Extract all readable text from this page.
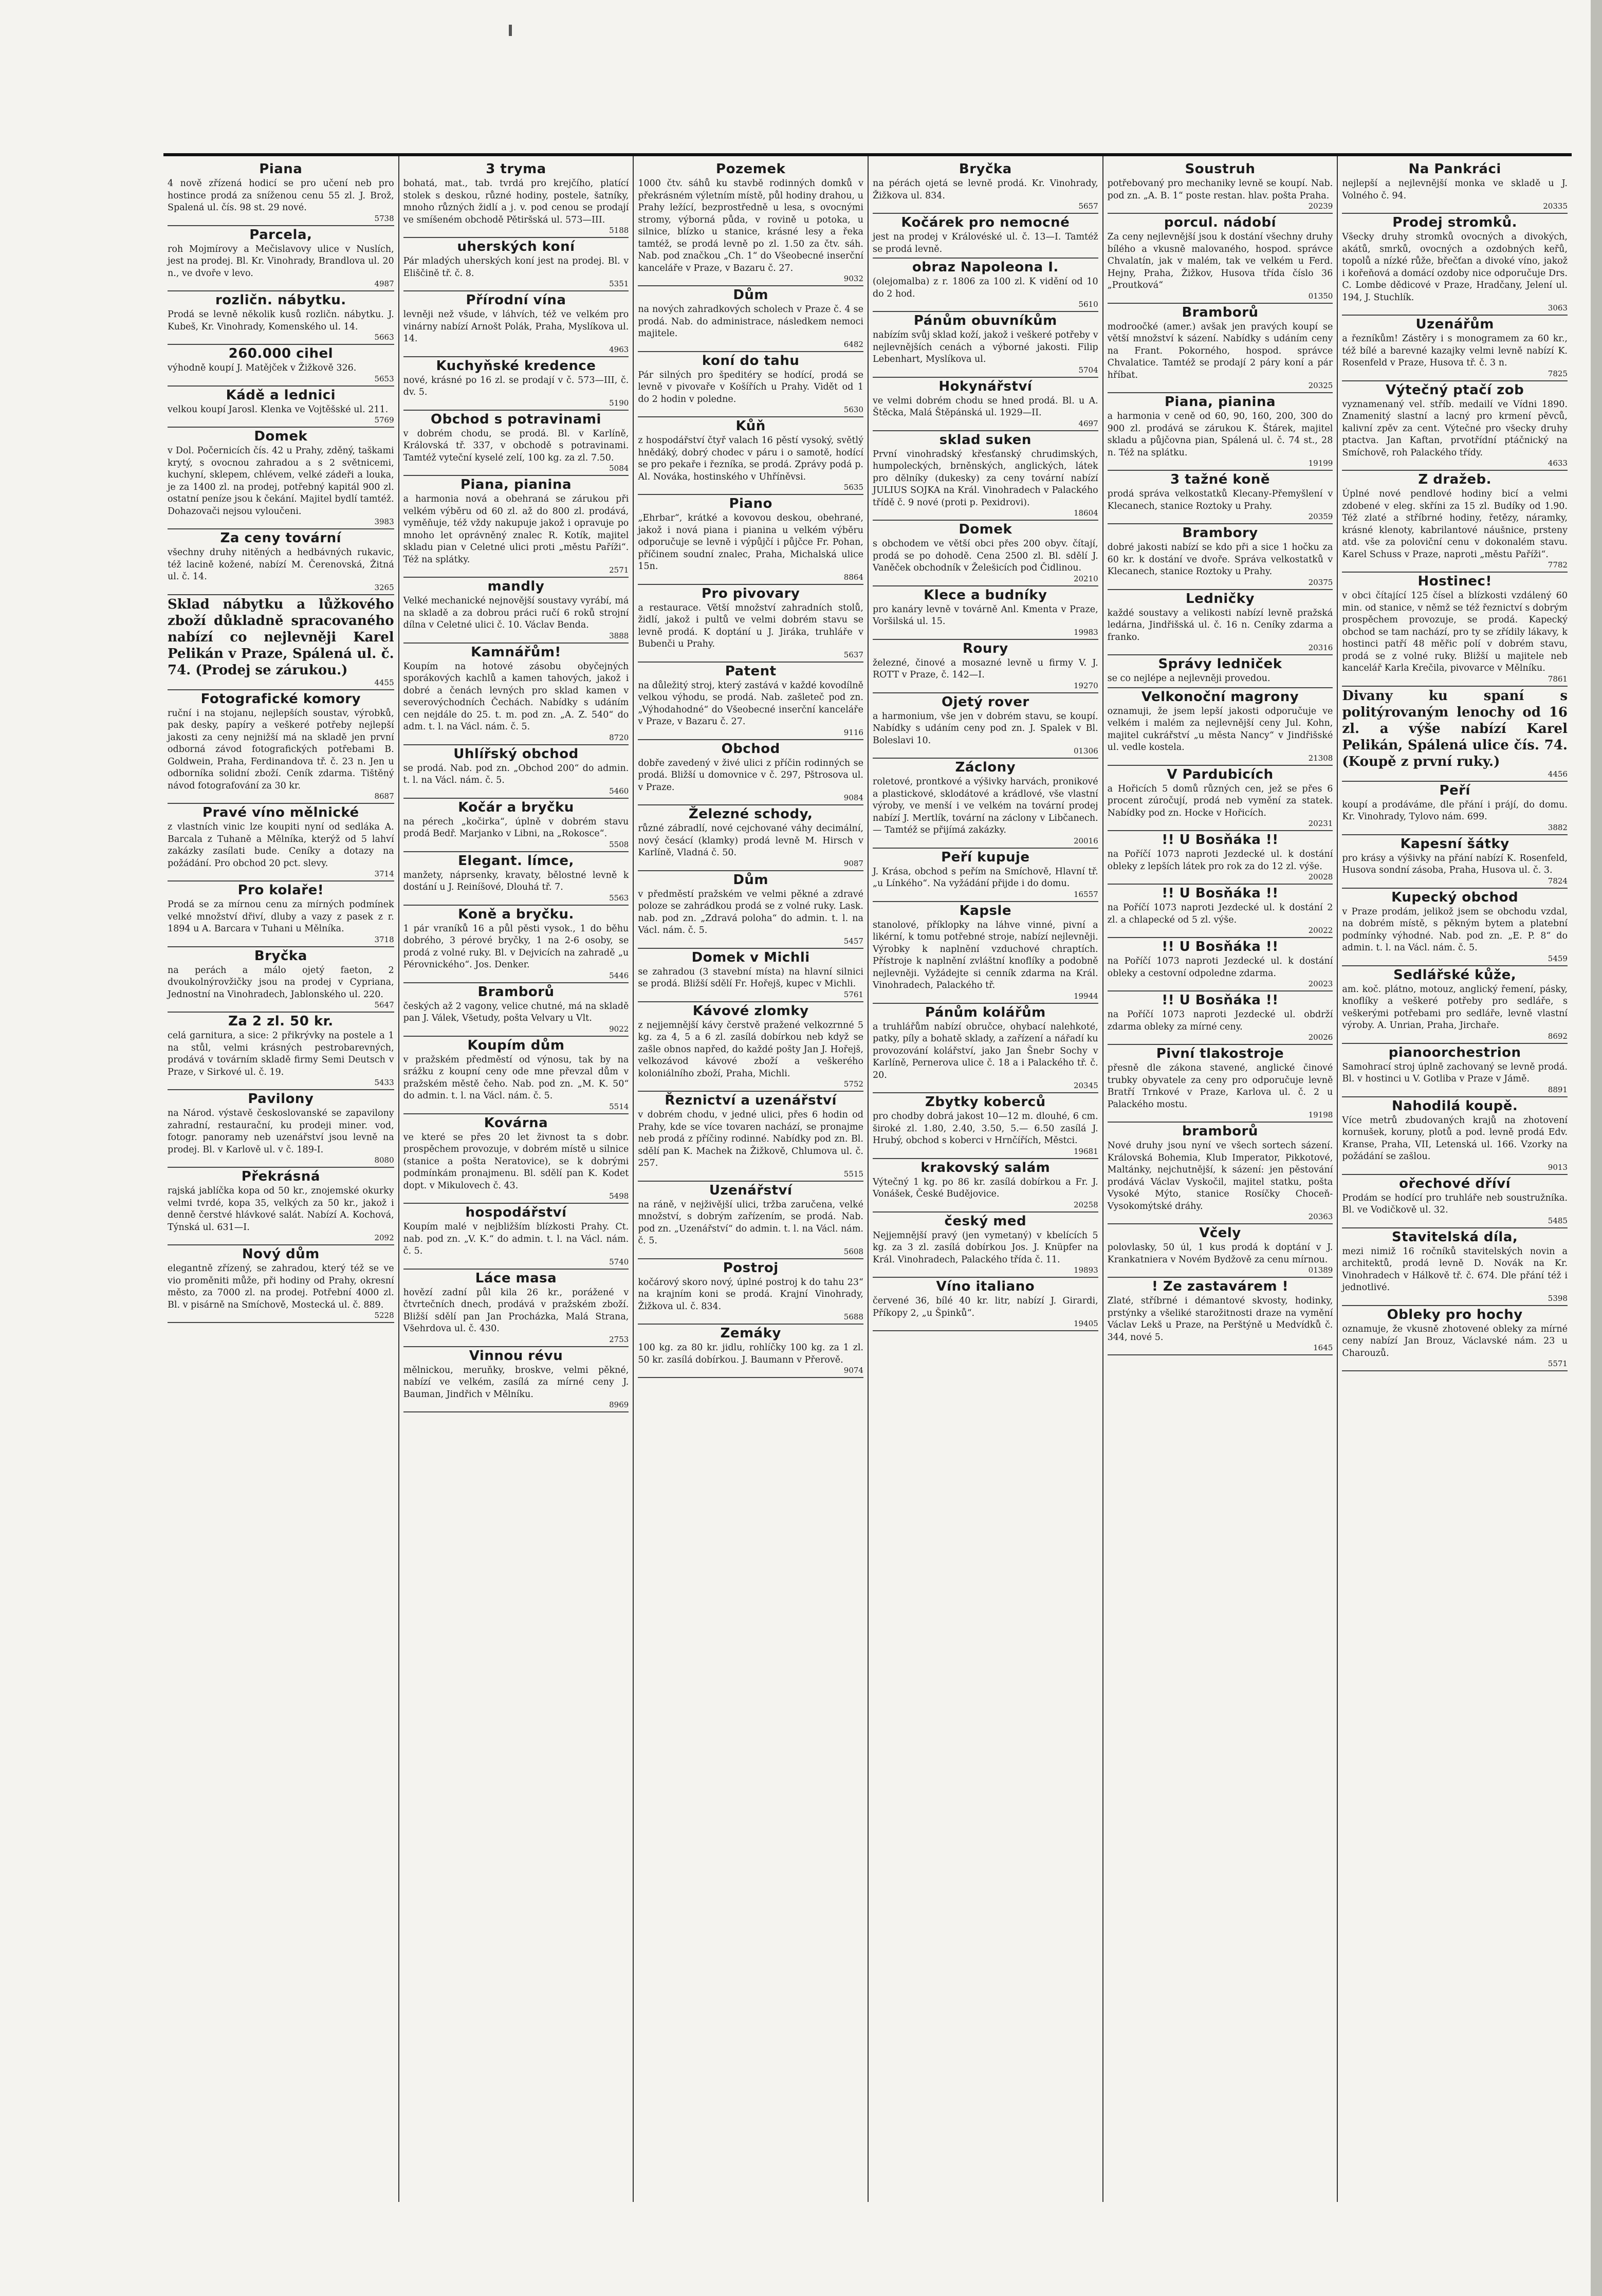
Piana

4 nově zřízená hodicí se pro učení neb pro hostince prodá za sníženou cenu 55 zl. J. Brož, Spalená ul. čís. 98 st. 29 nové.

5738
Parcela,

roh Mojmírovy a Mečislavovy ulice v Nuslích, jest na prodej. Bl. Kr. Vinohrady, Brandlova ul. 20 n., ve dvoře v levo.

4987
rozličn. nábytku.

Prodá se levně několik kusů rozličn. nábytku. J. Kubeš, Kr. Vinohrady, Komenského ul. 14.

5663
260.000 cihel

výhodně koupí J. Matějček v Žižkově 326.

5653
Kádě a lednici

velkou koupí Jarosl. Klenka ve Vojtěšské ul. 211.

5769
Domek

v Dol. Počernicích čís. 42 u Prahy, zděný, taškami krytý, s ovocnou zahradou a s 2 světnicemi, kuchyní, sklepem, chlévem, velké zádeři a louka, je za 1400 zl. na prodej, potřebný kapitál 900 zl. ostatní peníze jsou k čekání. Majitel bydlí tamtéž. Dohazovači nejsou vyloučeni.

3983
Za ceny tovární

všechny druhy nitěných a hedbávných rukavic, též lacině kožené, nabízí M. Čerenovská, Žitná ul. č. 14.

3265

Sklad nábytku a lůžkového zboží důkladně spracovaného nabízí co nejlevněji Karel Pelikán v Praze, Spálená ul. č. 74. (Prodej se zárukou.)

4455
Fotografické komory

ruční i na stojanu, nejlepších soustav, výrobků, pak desky, papíry a veškeré potřeby nejlepší jakosti za ceny nejnižší má na skladě jen první odborná závod fotografických potřebami B. Goldwein, Praha, Ferdinandova tř. č. 23 n. Jen u odborníka solidní zboží. Ceník zdarma. Tištěný návod fotografování za 30 kr.

8687
Pravé víno mělnické

z vlastních vinic lze koupiti nyní od sedláka A. Barcala z Tuhaně a Mělníka, kterýž od 5 lahví zakázky zasílati bude. Ceníky a dotazy na požádání. Pro obchod 20 pct. slevy.

3714
Pro kolaře!

Prodá se za mírnou cenu za mírných podmínek velké množství dřiví, dluby a vazy z pasek z r. 1894 u A. Barcara v Tuhani u Mělníka.

3718
Bryčka

na perách a málo ojetý faeton, 2 dvoukolnýrovžičky jsou na prodej v Cypriana, Jednostní na Vinohradech, Jablonského ul. 220.

5647
Za 2 zl. 50 kr.

celá garnitura, a sice: 2 přikrývky na postele a 1 na stůl, velmi krásných pestrobarevných, prodává v továrním skladě firmy Semi Deutsch v Praze, v Sirkové ul. č. 19.

5433
Pavilony

na Národ. výstavě českoslovanské se zapavilony zahradní, restaurační, ku prodeji miner. vod, fotogr. panoramy neb uzenářství jsou levně na prodej. Bl. v Karlově ul. v č. 189-I.

8080
Překrásná

rajská jablíčka kopa od 50 kr., znojemské okurky velmi tvrdé, kopa 35, velkých za 50 kr., jakož i denně čerstvé hlávkové salát. Nabízí A. Kochová, Týnská ul. 631—I.

2092
Nový dům

elegantně zřízený, se zahradou, který též se ve vio proměniti může, při hodiny od Prahy, okresní město, za 7000 zl. na prodej. Potřební 4000 zl. Bl. v pisárně na Smíchově, Mostecká ul. č. 889.

5228
3 tryma

bohatá, mat., tab. tvrdá pro krejčího, platící stolek s deskou, různé hodiny, postele, šatníky, mnoho různých židlí a j. v. pod cenou se prodají ve smíšeném obchodě Pětiršská ul. 573—III.

5188
uherských koní

Pár mladých uherských koní jest na prodej. Bl. v Eliščině tř. č. 8.

5351
Přírodní vína

levněji než všude, v láhvích, též ve velkém pro vinárny nabízí Arnošt Polák, Praha, Myslíkova ul. 14.

4963
Kuchyňské kredence

nové, krásné po 16 zl. se prodají v č. 573—III, č. dv. 5.

5190
Obchod s potravinami

v dobrém chodu, se prodá. Bl. v Karlíně, Královská tř. 337, v obchodě s potravinami. Tamtéž vyteční kyselé zelí, 100 kg. za zl. 7.50.

5084
Piana, pianina

a harmonia nová a obehraná se zárukou při velkém výběru od 60 zl. až do 800 zl. prodává, vyměňuje, též vždy nakupuje jakož i opravuje po mnoho let oprávněný znalec R. Kotík, majitel skladu pian v Celetné ulici proti „městu Paříži“. Též na splátky.

2571
mandly

Velké mechanické nejnovější soustavy vyrábí, má na skladě a za dobrou práci ručí 6 roků strojní dílna v Celetné ulici č. 10. Václav Benda.

3888
Kamnářům!

Koupím na hotové zásobu obyčejných sporákových kachlů a kamen tahových, jakož i dobré a čenách levných pro sklad kamen v severovýchodních Čechách. Nabídky s udáním cen nejdále do 25. t. m. pod zn. „A. Z. 540“ do adm. t. l. na Václ. nám. č. 5.

8720
Uhlířský obchod

se prodá. Nab. pod zn. „Obchod 200“ do admin. t. l. na Václ. nám. č. 5.

5460
Kočár a bryčku

na pérech „kočirka“, úplně v dobrém stavu prodá Bedř. Marjanko v Libni, na „Rokosce“.

5508
Elegant. límce,

manžety, náprsenky, kravaty, bělostné levně k dostání u J. Reiníšové, Dlouhá tř. 7.

5563
Koně a bryčku.

1 pár vraníků 16 a půl pěsti vysok., 1 do běhu dobrého, 3 pérové bryčky, 1 na 2-6 osoby, se prodá z volné ruky. Bl. v Dejvicích na zahradě „u Pérovnického“. Jos. Denker.

5446
Bramborů

českých až 2 vagony, velice chutné, má na skladě pan J. Válek, Všetudy, pošta Velvary u Vlt.

9022
Koupím dům

v pražském předměstí od výnosu, tak by na srážku z koupní ceny ode mne převzal dům v pražském městě čeho. Nab. pod zn. „M. K. 50“ do admin. t. l. na Václ. nám. č. 5.

5514
Kovárna

ve které se přes 20 let živnost ta s dobr. prospěchem provozuje, v dobrém místě u silnice (stanice a pošta Neratovice), se k dobrými podmínkám pronajmenu. Bl. sdělí pan K. Kodet dopt. v Mikulovech č. 43.

5498
hospodářství

Koupím malé v nejbližším blízkosti Prahy. Ct. nab. pod zn. „V. K.“ do admin. t. l. na Václ. nám. č. 5.

5740
Láce masa

hovězí zadní půl kila 26 kr., porážené v čtvrtečních dnech, prodává v pražském zboží. Bližší sdělí pan Jan Procházka, Malá Strana, Všehrdova ul. č. 430.

2753
Vinnou révu

mělnickou, meruňky, broskve, velmi pěkné, nabízí ve velkém, zasílá za mírné ceny J. Bauman, Jindřich v Mělníku.

8969
Pozemek

1000 čtv. sáhů ku stavbě rodinných domků v překrásném výletním místě, půl hodiny drahou, u Prahy ležící, bezprostředně u lesa, s ovocnými stromy, výborná půda, v rovině u potoka, u silnice, blízko u stanice, krásné lesy a řeka tamtéž, se prodá levně po zl. 1.50 za čtv. sáh. Nab. pod značkou „Ch. 1“ do Všeobecné inserční kanceláře v Praze, v Bazaru č. 27.

9032
Dům

na nových zahradkových scholech v Praze č. 4 se prodá. Nab. do administrace, následkem nemoci majitele.

6482
koní do tahu

Pár silných pro špeditéry se hodící, prodá se levně v pivovaře v Košířích u Prahy. Vidět od 1 do 2 hodin v poledne.

5630
Kůň

z hospodářství čtyř valach 16 pěstí vysoký, světlý hnědáký, dobrý chodec v páru i o samotě, hodící se pro pekaře i řezníka, se prodá. Zprávy podá p. Al. Nováka, hostinského v Uhříněvsi.

5635
Piano

„Ehrbar“, krátké a kovovou deskou, obehrané, jakož i nová piana i pianina u velkém výběru odporučuje se levně i výpůjčí i půjčce Fr. Pohan, příčinem soudní znalec, Praha, Michalská ulice 15n.

8864
Pro pivovary

a restaurace. Větší množství zahradních stolů, židlí, jakož i pultů ve velmi dobrém stavu se levně prodá. K doptání u J. Jiráka, truhláře v Bubenči u Prahy.

5637
Patent

na důležitý stroj, který zastává v každé kovodílně velkou výhodu, se prodá. Nab. zašleteč pod zn. „Výhodahodné“ do Všeobecné inserční kanceláře v Praze, v Bazaru č. 27.

9116
Obchod

dobře zavedený v živé ulici z příčin rodinných se prodá. Bližší u domovnice v č. 297, Pštrosova ul. v Praze.

9084
Železné schody,

různé zábradlí, nové cejchované váhy decimální, nový česácí (klamky) prodá levně M. Hirsch v Karlíně, Vladná č. 50.

9087
Dům

v předměstí pražském ve velmi pěkné a zdravé poloze se zahrádkou prodá se z volné ruky. Lask. nab. pod zn. „Zdravá poloha“ do admin. t. l. na Václ. nám. č. 5.

5457
Domek v Michli

se zahradou (3 stavební místa) na hlavní silnici se prodá. Bližší sdělí Fr. Hořejš, kupec v Michli.

5761
Kávové zlomky

z nejjemnější kávy čerstvě pražené velkozrnné 5 kg. za 4, 5 a 6 zl. zasílá dobírkou neb když se zašle obnos napřed, do každé pošty Jan J. Hořejš, velkozávod kávové zboží a veškerého koloniálního zboží, Praha, Michli.

5752
Řeznictví a uzenářství

v dobrém chodu, v jedné ulici, přes 6 hodin od Prahy, kde se více tovaren nachází, se pronajme neb prodá z příčiny rodinné. Nabídky pod zn. Bl. sdělí pan K. Machek na Žižkově, Chlumova ul. č. 257.

5515
Uzenářství

na ráně, v nejživější ulici, tržba zaručena, velké množství, s dobrým zařízením, se prodá. Nab. pod zn. „Uzenářství“ do admin. t. l. na Václ. nám. č. 5.

5608
Postroj

kočárový skoro nový, úplné postroj k do tahu 23“ na krajním koni se prodá. Krajní Vinohrady, Žižkova ul. č. 834.

5688
Zemáky

100 kg. za 80 kr. jidlu, rohlíčky 100 kg. za 1 zl. 50 kr. zasílá dobírkou. J. Baumann v Přerově.

9074
Bryčka

na pérách ojetá se levně prodá. Kr. Vinohrady, Žižkova ul. 834.

5657
Kočárek pro nemocné

jest na prodej v Královéské ul. č. 13—I. Tamtéž se prodá levně.

obraz Napoleona I.

(olejomalba) z r. 1806 za 100 zl. K vidění od 10 do 2 hod.

5610
Pánům obuvníkům

nabízím svůj sklad koží, jakož i veškeré potřeby v nejlevnějších cenách a výborné jakosti. Filip Lebenhart, Myslíkova ul.

5704
Hokynářství

ve velmi dobrém chodu se hned prodá. Bl. u A. Štěcka, Malá Štěpánská ul. 1929—II.

4697
sklad suken

První vinohradský křesťanský chrudimských, humpoleckých, brněnských, anglických, látek pro dělníky (dukesky) za ceny tovární nabízí JULIUS SOJKA na Král. Vinohradech v Palackého třídě č. 9 nové (proti p. Pexidrovi).

18604
Domek

s obchodem ve větší obci přes 200 obyv. čítají, prodá se po dohodě. Cena 2500 zl. Bl. sdělí J. Vaněček obchodník v Želešicích pod Čidlinou.

20210
Klece a budníky

pro kanáry levně v továrně Anl. Kmenta v Praze, Voršilská ul. 15.

19983
Roury

železné, činové a mosazné levně u firmy V. J. ROTT v Praze, č. 142—I.

19270
Ojetý rover

a harmonium, vše jen v dobrém stavu, se koupí. Nabídky s udáním ceny pod zn. J. Spalek v Bl. Boleslavi 10.

01306
Záclony

roletové, prontkové a výšivky harvách, pronikové a plastickové, sklodátové a krádlové, vše vlastní výroby, ve menší i ve velkém na tovární prodej nabízí J. Mertlík, tovární na záclony v Libčanech. — Tamtéž se přijímá zakázky.

20016
Peří kupuje

J. Krása, obchod s peřím na Smíchově, Hlavní tř. „u Línkého“. Na vyžádání přijde i do domu.

16557
Kapsle

stanolové, příklopky na láhve vinné, pivní a likérní, k tomu potřebné stroje, nabízí nejlevněji. Výrobky k naplnění vzduchové chraptích. Přístroje k naplnění zvláštní knoflíky a podobně nejlevněji. Vyžádejte si cenník zdarma na Král. Vinohradech, Palackého tř.

19944
Pánům kolářům

a truhlářům nabízí obručce, ohybací nalehkoté, patky, píly a bohatě sklady, a zařízení a nářadí ku provozování kolářství, jako Jan Šnebr Sochy v Karlíně, Pernerova ulice č. 18 a i Palackého tř. č. 20.

20345
Zbytky koberců

pro chodby dobrá jakost 10—12 m. dlouhé, 6 cm. široké zl. 1.80, 2.40, 3.50, 5.— 6.50 zasílá J. Hrubý, obchod s koberci v Hrnčířích, Městci.

19681
krakovský salám

Výtečný 1 kg. po 86 kr. zasílá dobírkou a Fr. J. Vonášek, České Budějovice.

20258
český med

Nejjemnější pravý (jen vymetaný) v kbelících 5 kg. za 3 zl. zasílá dobírkou Jos. J. Knüpfer na Král. Vinohradech, Palackého třída č. 11.

19893
Víno italiano

červené 36, bílé 40 kr. litr, nabízí J. Girardi, Příkopy 2, „u Špinků“.

19405
Soustruh

potřebovaný pro mechaniky levně se koupí. Nab. pod zn. „A. B. 1“ poste restan. hlav. pošta Praha.

20239
porcul. nádobí

Za ceny nejlevnější jsou k dostání všechny druhy bílého a vkusně malovaného, hospod. správce Chvalatín, jak v malém, tak ve velkém u Ferd. Hejny, Praha, Žižkov, Husova třída číslo 36 „Proutková“

01350
Bramborů

modroočké (amer.) avšak jen pravých koupí se větší množství k sázení. Nabídky s udáním ceny na Frant. Pokorného, hospod. správce Chvalatice. Tamtéž se prodají 2 páry koní a pár hříbat.

20325
Piana, pianina

a harmonia v ceně od 60, 90, 160, 200, 300 do 900 zl. prodává se zárukou K. Štárek, majitel skladu a půjčovna pian, Spálená ul. č. 74 st., 28 n. Též na splátku.

19199
3 tažné koně

prodá správa velkostatků Klecany-Přemyšlení v Klecanech, stanice Roztoky u Prahy.

20359
Brambory

dobré jakosti nabízí se kdo při a sice 1 hočku za 60 kr. k dostání ve dvoře. Správa velkostatků v Klecanech, stanice Roztoky u Prahy.

20375
Ledničky

každé soustavy a velikosti nabízí levně pražská ledárna, Jindřišská ul. č. 16 n. Ceníky zdarma a franko.

20316
Správy ledniček

se co nejlépe a nejlevněji provedou.

Velkonoční magrony

oznamuji, že jsem lepší jakosti odporučuje ve velkém i malém za nejlevnější ceny Jul. Kohn, majitel cukrářství „u města Nancy“ v Jindřišské ul. vedle kostela.

21308
V Pardubicích

a Hořicích 5 domů různých cen, jež se přes 6 procent zúročují, prodá neb vymění za statek. Nabídky pod zn. Hocke v Hořicích.

20231
!! U Bosňáka !!

na Poříčí 1073 naproti Jezdecké ul. k dostání obleky z lepších látek pro rok za do 12 zl. výše.

20028
!! U Bosňáka !!

na Poříčí 1073 naproti Jezdecké ul. k dostání 2 zl. a chlapecké od 5 zl. výše.

20022
!! U Bosňáka !!

na Poříčí 1073 naproti Jezdecké ul. k dostání obleky a cestovní odpoledne zdarma.

20023
!! U Bosňáka !!

na Poříčí 1073 naproti Jezdecké ul. obdrží zdarma obleky za mírné ceny.

20026
Pivní tlakostroje

přesně dle zákona stavené, anglické činové trubky obyvatele za ceny pro odporučuje levně Bratří Trnkové v Praze, Karlova ul. č. 2 u Palackého mostu.

19198
bramborů

Nové druhy jsou nyní ve všech sortech sázení. Královská Bohemia, Klub Imperator, Pikkotové, Maltánky, nejchutnější, k sázení: jen pěstování prodává Václav Vyskočil, majitel statku, pošta Vysoké Mýto, stanice Rosíčky Choceň-Vysokomýtské dráhy.

20363
Včely

polovlasky, 50 úl, 1 kus prodá k doptání v J. Krankatniera v Novém Bydžově za cenu mírnou.

01389
! Ze zastavárem !

Zlaté, stříbrné i démantové skvosty, hodinky, prstýnky a všeliké starožitnosti draze na vymění Václav Lekš u Praze, na Perštýně u Medvídků č. 344, nové 5.

1645
Na Pankráci

nejlepší a nejlevnější monka ve skladě u J. Volného č. 94.

20335
Prodej stromků.

Všecky druhy stromků ovocných a divokých, akátů, smrků, ovocných a ozdobných keřů, topolů a nízké růže, břečťan a divoké víno, jakož i kořeňová a domácí ozdoby nice odporučuje Drs. C. Lombe dědicové v Praze, Hradčany, Jelení ul. 194, J. Stuchlík.

3063
Uzenářům

a řezníkům! Zástěry i s monogramem za 60 kr., též bílé a barevné kazajky velmi levně nabízí K. Rosenfeld v Praze, Husova tř. č. 3 n.

7825
Výtečný ptačí zob

vyznamenaný vel. stříb. medailí ve Vídni 1890. Znamenitý slastní a lacný pro krmení pěvců, kalivní zpěv za cent. Výtečné pro všecky druhy ptactva. Jan Kaftan, prvotřídní ptáčnický na Smíchově, roh Palackého třídy.

4633
Z dražeb.

Úplné nové pendlové hodiny bicí a velmi zdobené v eleg. skříni za 15 zl. Budíky od 1.90. Též zlaté a stříbrné hodiny, řetězy, náramky, krásné klenoty, kabrilantové náušnice, prsteny atd. vše za poloviční cenu v dokonalém stavu. Karel Schuss v Praze, naproti „městu Paříži“.

7782
Hostinec!

v obci čítající 125 čísel a blízkosti vzdálený 60 min. od stanice, v němž se též řeznictví s dobrým prospěchem provozuje, se prodá. Kapecký obchod se tam nachází, pro ty se zřídily lákavy, k hostinci patří 48 měřic polí v dobrém stavu, prodá se z volné ruky. Bližší u majitele neb kancelář Karla Krečila, pivovarce v Mělníku.

7861

Divany ku spaní s politýrovaným lenochy od 16 zl. a výše nabízí Karel Pelikán, Spálená ulice čís. 74. (Koupě z první ruky.)

4456
Peří

koupí a prodáváme, dle přání i prájí, do domu. Kr. Vinohrady, Tylovo nám. 699.

3882
Kapesní šátky

pro krásy a výšivky na přání nabízí K. Rosenfeld, Husova sondní zásoba, Praha, Husova ul. č. 3.

7824
Kupecký obchod

v Praze prodám, jelikož jsem se obchodu vzdal, na dobrém místě, s pěkným bytem a platební podmínky výhodné. Nab. pod zn. „E. P. 8“ do admin. t. l. na Václ. nám. č. 5.

5459
Sedlářské kůže,

am. koč. plátno, motouz, anglický řemení, pásky, knoflíky a veškeré potřeby pro sedláře, s veškerými potřebami pro sedláře, levně vlastní výroby. A. Unrian, Praha, Jirchaře.

8692
pianoorchestrion

Samohrací stroj úplně zachovaný se levně prodá. Bl. v hostinci u V. Gotliba v Praze v Jámě.

8891
Nahodilá koupě.

Více metrů zbudovaných krajů na zhotovení kornušek, koruny, plotů a pod. levně prodá Edv. Kranse, Praha, VII, Letenská ul. 166. Vzorky na požádání se zašlou.

9013
ořechové dříví

Prodám se hodící pro truhláře neb soustružníka. Bl. ve Vodičkově ul. 32.

5485
Stavitelská díla,

mezi nimiž 16 ročníků stavitelských novin a architektů, prodá levně D. Novák na Kr. Vinohradech v Hálkově tř. č. 674. Dle přání též i jednotlivé.

5398
Obleky pro hochy

oznamuje, že vkusně zhotovené obleky za mírné ceny nabízí Jan Brouz, Václavské nám. 23 u Charouzů.

5571
